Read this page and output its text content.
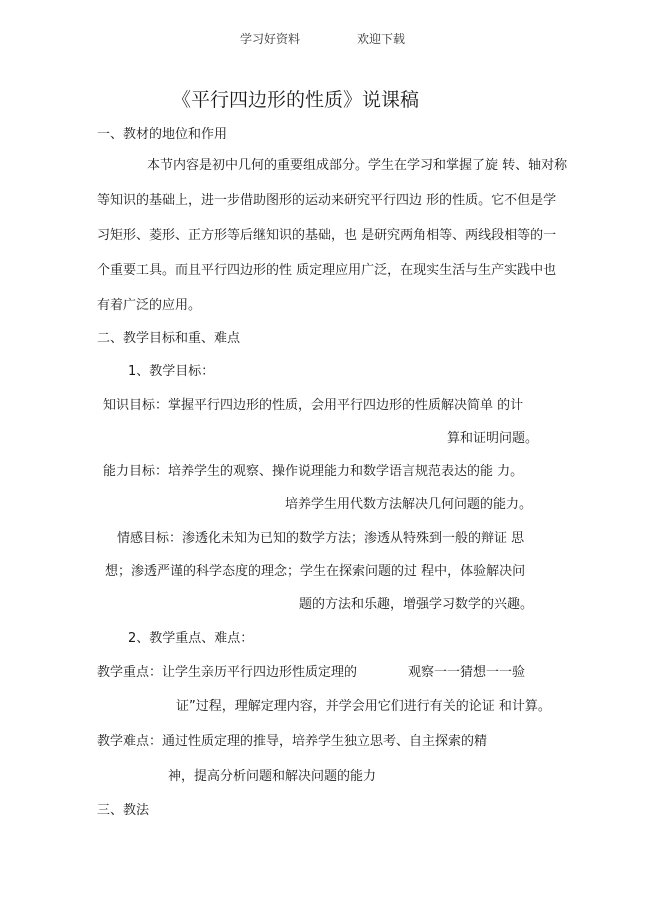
学习好资料	欢迎下载
《平行四边形的性质》说课稿
一、教材的地位和作用
本节内容是初中几何的重要组成部分。学生在学习和掌握了旋 转、轴对称
等知识的基础上，进一步借助图形的运动来研究平行四边 形的性质。它不但是学
习矩形、菱形、正方形等后继知识的基础，也 是研究两角相等、两线段相等的一
个重要工具。而且平行四边形的性 质定理应用广泛，在现实生活与生产实践中也
有着广泛的应用。
二、教学目标和重、难点
1、教学目标：
知识目标：掌握平行四边形的性质，会用平行四边形的性质解决简单 的计
算和证明问题。
能力目标：培养学生的观察、操作说理能力和数学语言规范表达的能 力。
培养学生用代数方法解决几何问题的能力。
情感目标：渗透化未知为已知的数学方法；渗透从特殊到一般的辩证 思
想；渗透严谨的科学态度的理念；学生在探索问题的过 程中，体验解决问
题的方法和乐趣，增强学习数学的兴趣。
2、教学重点、难点：
教学重点：让学生亲历平行四边形性质定理的	观察一一猜想一一验
证”过程，理解定理内容，并学会用它们进行有关的论证 和计算。
教学难点：通过性质定理的推导，培养学生独立思考、自主探索的精
神，提高分析问题和解决问题的能力
三、教法
